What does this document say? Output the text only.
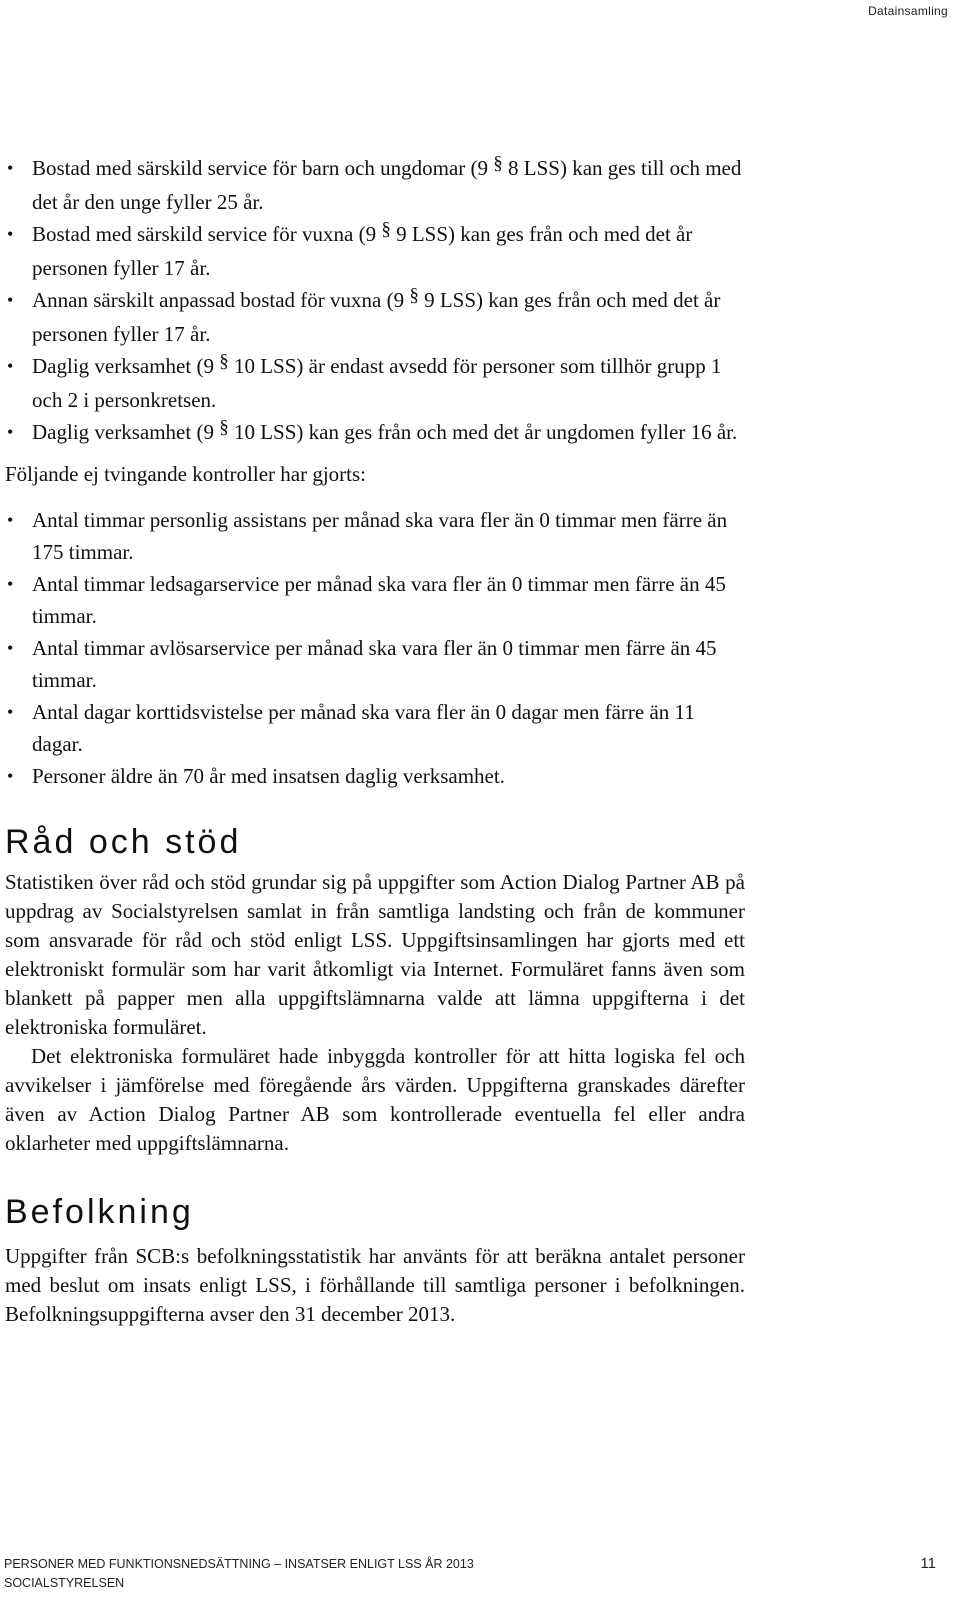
Datainsamling
• Bostad med särskild service för barn och ungdomar (9 § 8 LSS) kan ges till och med det år den unge fyller 25 år.

• Bostad med särskild service för vuxna (9 § 9 LSS) kan ges från och med det år personen fyller 17 år.

• Annan särskilt anpassad bostad för vuxna (9 § 9 LSS) kan ges från och med det år personen fyller 17 år.

• Daglig verksamhet (9 § 10 LSS) är endast avsedd för personer som tillhör grupp 1 och 2 i personkretsen.

• Daglig verksamhet (9 § 10 LSS) kan ges från och med det år ungdomen fyller 16 år.

Följande ej tvingande kontroller har gjorts:

• Antal timmar personlig assistans per månad ska vara fler än 0 timmar men färre än 175 timmar.

• Antal timmar ledsagarservice per månad ska vara fler än 0 timmar men färre än 45 timmar.

• Antal timmar avlösarservice per månad ska vara fler än 0 timmar men färre än 45 timmar.

• Antal dagar korttidsvistelse per månad ska vara fler än 0 dagar men färre än 11 dagar.

• Personer äldre än 70 år med insatsen daglig verksamhet.

Råd och stöd

Statistiken över råd och stöd grundar sig på uppgifter som Action Dialog Partner AB på uppdrag av Socialstyrelsen samlat in från samtliga landsting och från de kommuner som ansvarade för råd och stöd enligt LSS. Uppgiftsinsamlingen har gjorts med ett elektroniskt formulär som har varit åtkomligt via Internet. Formuläret fanns även som blankett på papper men alla uppgiftslämnarna valde att lämna uppgifterna i det elektroniska formuläret.

Det elektroniska formuläret hade inbyggda kontroller för att hitta logiska fel och avvikelser i jämförelse med föregående års värden. Uppgifterna granskades därefter även av Action Dialog Partner AB som kontrollerade eventuella fel eller andra oklarheter med uppgiftslämnarna.

Befolkning

Uppgifter från SCB:s befolkningsstatistik har använts för att beräkna antalet personer med beslut om insats enligt LSS, i förhållande till samtliga personer i befolkningen. Befolkningsuppgifterna avser den 31 december 2013.

PERSONER MED FUNKTIONSNEDSÄTTNING – INSATSER ENLIGT LSS ÅR 2013	11
SOCIALSTYRELSEN
